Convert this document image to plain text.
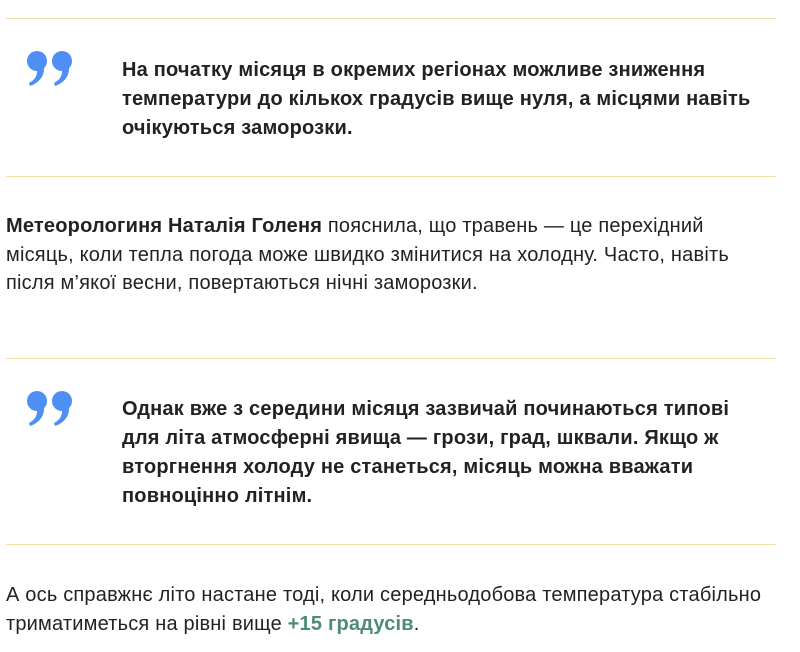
На початку місяця в окремих регіонах можливе зниження температури до кількох градусів вище нуля, а місцями навіть очікуються заморозки.
Метеорологиня Наталія Голеня пояснила, що травень — це перехідний місяць, коли тепла погода може швидко змінитися на холодну. Часто, навіть після м’якої весни, повертаються нічні заморозки.
Однак вже з середини місяця зазвичай починаються типові для літа атмосферні явища — грози, град, шквали. Якщо ж вторгнення холоду не станеться, місяць можна вважати повноцінно літнім.
А ось справжнє літо настане тоді, коли середньодобова температура стабільно триматиметься на рівні вище +15 градусів.
